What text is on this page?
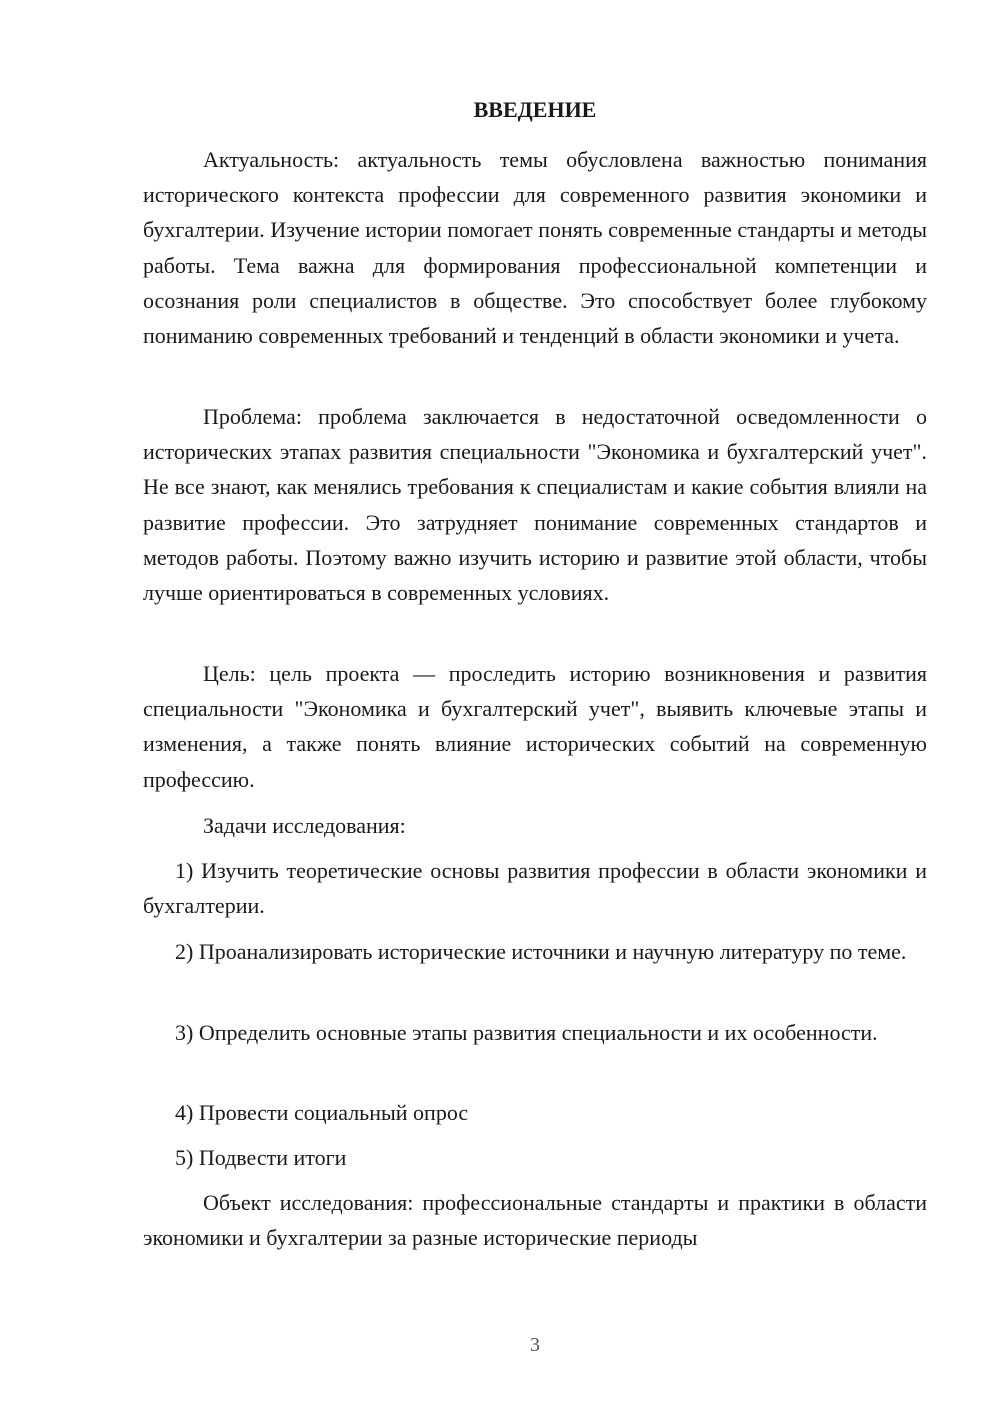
ВВЕДЕНИЕ

Актуальность: актуальность темы обусловлена важностью понимания исторического контекста профессии для современного развития экономики и бухгалтерии. Изучение истории помогает понять современные стандарты и методы работы. Тема важна для формирования профессиональной компетенции и осознания роли специалистов в обществе. Это способствует более глубокому пониманию современных требований и тенденций в области экономики и учета.

Проблема: проблема заключается в недостаточной осведомленности о исторических этапах развития специальности "Экономика и бухгалтерский учет". Не все знают, как менялись требования к специалистам и какие события влияли на развитие профессии. Это затрудняет понимание современных стандартов и методов работы. Поэтому важно изучить историю и развитие этой области, чтобы лучше ориентироваться в современных условиях.

Цель: цель проекта — проследить историю возникновения и развития специальности "Экономика и бухгалтерский учет", выявить ключевые этапы и изменения, а также понять влияние исторических событий на современную профессию.

Задачи исследования:

1) Изучить теоретические основы развития профессии в области экономики и бухгалтерии.

2) Проанализировать исторические источники и научную литературу по теме.

3) Определить основные этапы развития специальности и их особенности.

4) Провести социальный опрос

5) Подвести итоги

Объект исследования: профессиональные стандарты и практики в области экономики и бухгалтерии за разные исторические периоды

3
